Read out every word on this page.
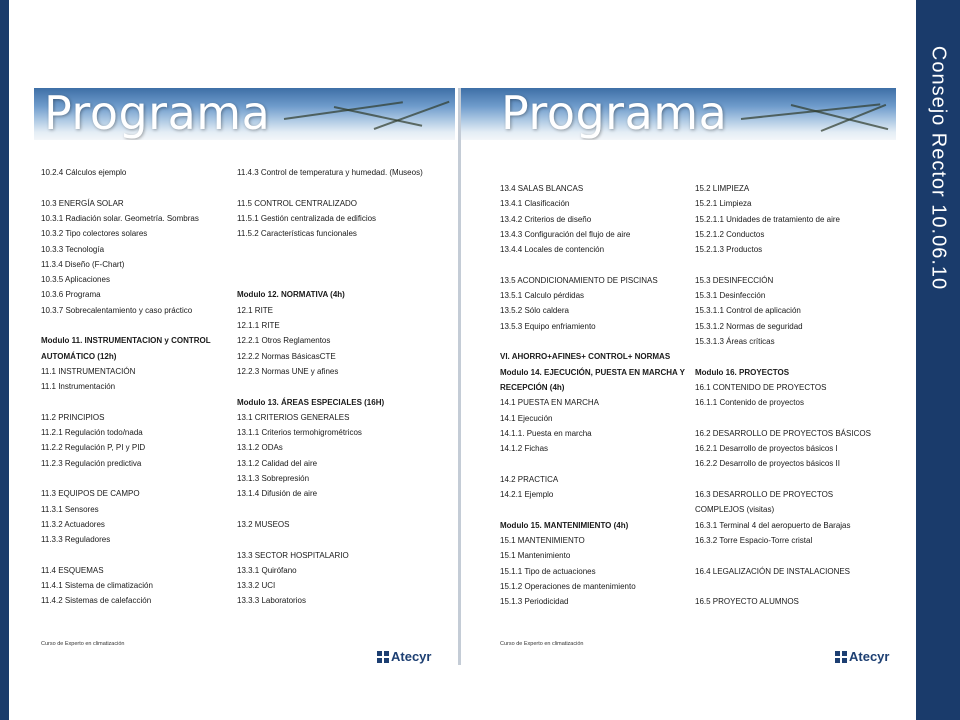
Consejo Rector 10.06.10
Programa
10.2.4 Cálculos ejemplo
10.3 ENERGÍA SOLAR
10.3.1 Radiación solar. Geometría. Sombras
10.3.2 Tipo colectores solares
10.3.3 Tecnología
11.3.4 Diseño (F-Chart)
10.3.5 Aplicaciones
10.3.6 Programa
10.3.7 Sobrecalentamiento y caso práctico
Modulo 11. INSTRUMENTACION y CONTROL
AUTOMÁTICO (12h)
11.1 INSTRUMENTACIÓN
11.1 Instrumentación
11.2 PRINCIPIOS
11.2.1 Regulación todo/nada
11.2.2 Regulación P, PI y PID
11.2.3 Regulación predictiva
11.3 EQUIPOS DE CAMPO
11.3.1 Sensores
11.3.2 Actuadores
11.3.3 Reguladores
11.4 ESQUEMAS
11.4.1 Sistema de climatización
11.4.2 Sistemas de calefacción
11.4.3 Control de temperatura y humedad. (Museos)
11.5 CONTROL CENTRALIZADO
11.5.1 Gestión centralizada de edificios
11.5.2 Características funcionales
Modulo 12. NORMATIVA (4h)
12.1 RITE
12.1.1 RITE
12.2.1 Otros Reglamentos
12.2.2 Normas BásicasCTE
12.2.3 Normas UNE y afines
Modulo 13. ÁREAS ESPECIALES (16H)
13.1 CRITERIOS GENERALES
13.1.1 Criterios termohigrométricos
13.1.2 ODAs
13.1.2 Calidad del aire
13.1.3 Sobrepresión
13.1.4 Difusión de aire
13.2 MUSEOS
13.3 SECTOR HOSPITALARIO
13.3.1 Quirófano
13.3.2 UCI
13.3.3 Laboratorios
Curso de Experto en climatización
Atecyr
Programa
13.4 SALAS BLANCAS
13.4.1 Clasificación
13.4.2 Criterios de diseño
13.4.3 Configuración del flujo de aire
13.4.4 Locales de contención
13.5 ACONDICIONAMIENTO DE PISCINAS
13.5.1 Calculo pérdidas
13.5.2 Sólo caldera
13.5.3 Equipo enfriamiento
VI. AHORRO+AFINES+ CONTROL+ NORMAS
Modulo 14. EJECUCIÓN, PUESTA EN MARCHA Y
RECEPCIÓN (4h)
14.1 PUESTA EN MARCHA
14.1 Ejecución
14.1.1. Puesta en marcha
14.1.2 Fichas
14.2 PRACTICA
14.2.1 Ejemplo
Modulo 15. MANTENIMIENTO (4h)
15.1 MANTENIMIENTO
15.1 Mantenimiento
15.1.1 Tipo de actuaciones
15.1.2 Operaciones de mantenimiento
15.1.3 Periodicidad
15.2 LIMPIEZA
15.2.1 Limpieza
15.2.1.1 Unidades de tratamiento de aire
15.2.1.2 Conductos
15.2.1.3 Productos
15.3 DESINFECCIÓN
15.3.1 Desinfección
15.3.1.1 Control de aplicación
15.3.1.2 Normas de seguridad
15.3.1.3 Áreas críticas
Modulo 16. PROYECTOS
16.1 CONTENIDO DE PROYECTOS
16.1.1 Contenido de proyectos
16.2 DESARROLLO DE PROYECTOS BÁSICOS
16.2.1 Desarrollo de proyectos básicos I
16.2.2 Desarrollo de proyectos básicos II
16.3 DESARROLLO DE PROYECTOS
COMPLEJOS (visitas)
16.3.1 Terminal 4 del aeropuerto de Barajas
16.3.2 Torre Espacio-Torre cristal
16.4 LEGALIZACIÓN DE INSTALACIONES
16.5 PROYECTO ALUMNOS
Curso de Experto en climatización
Atecyr
